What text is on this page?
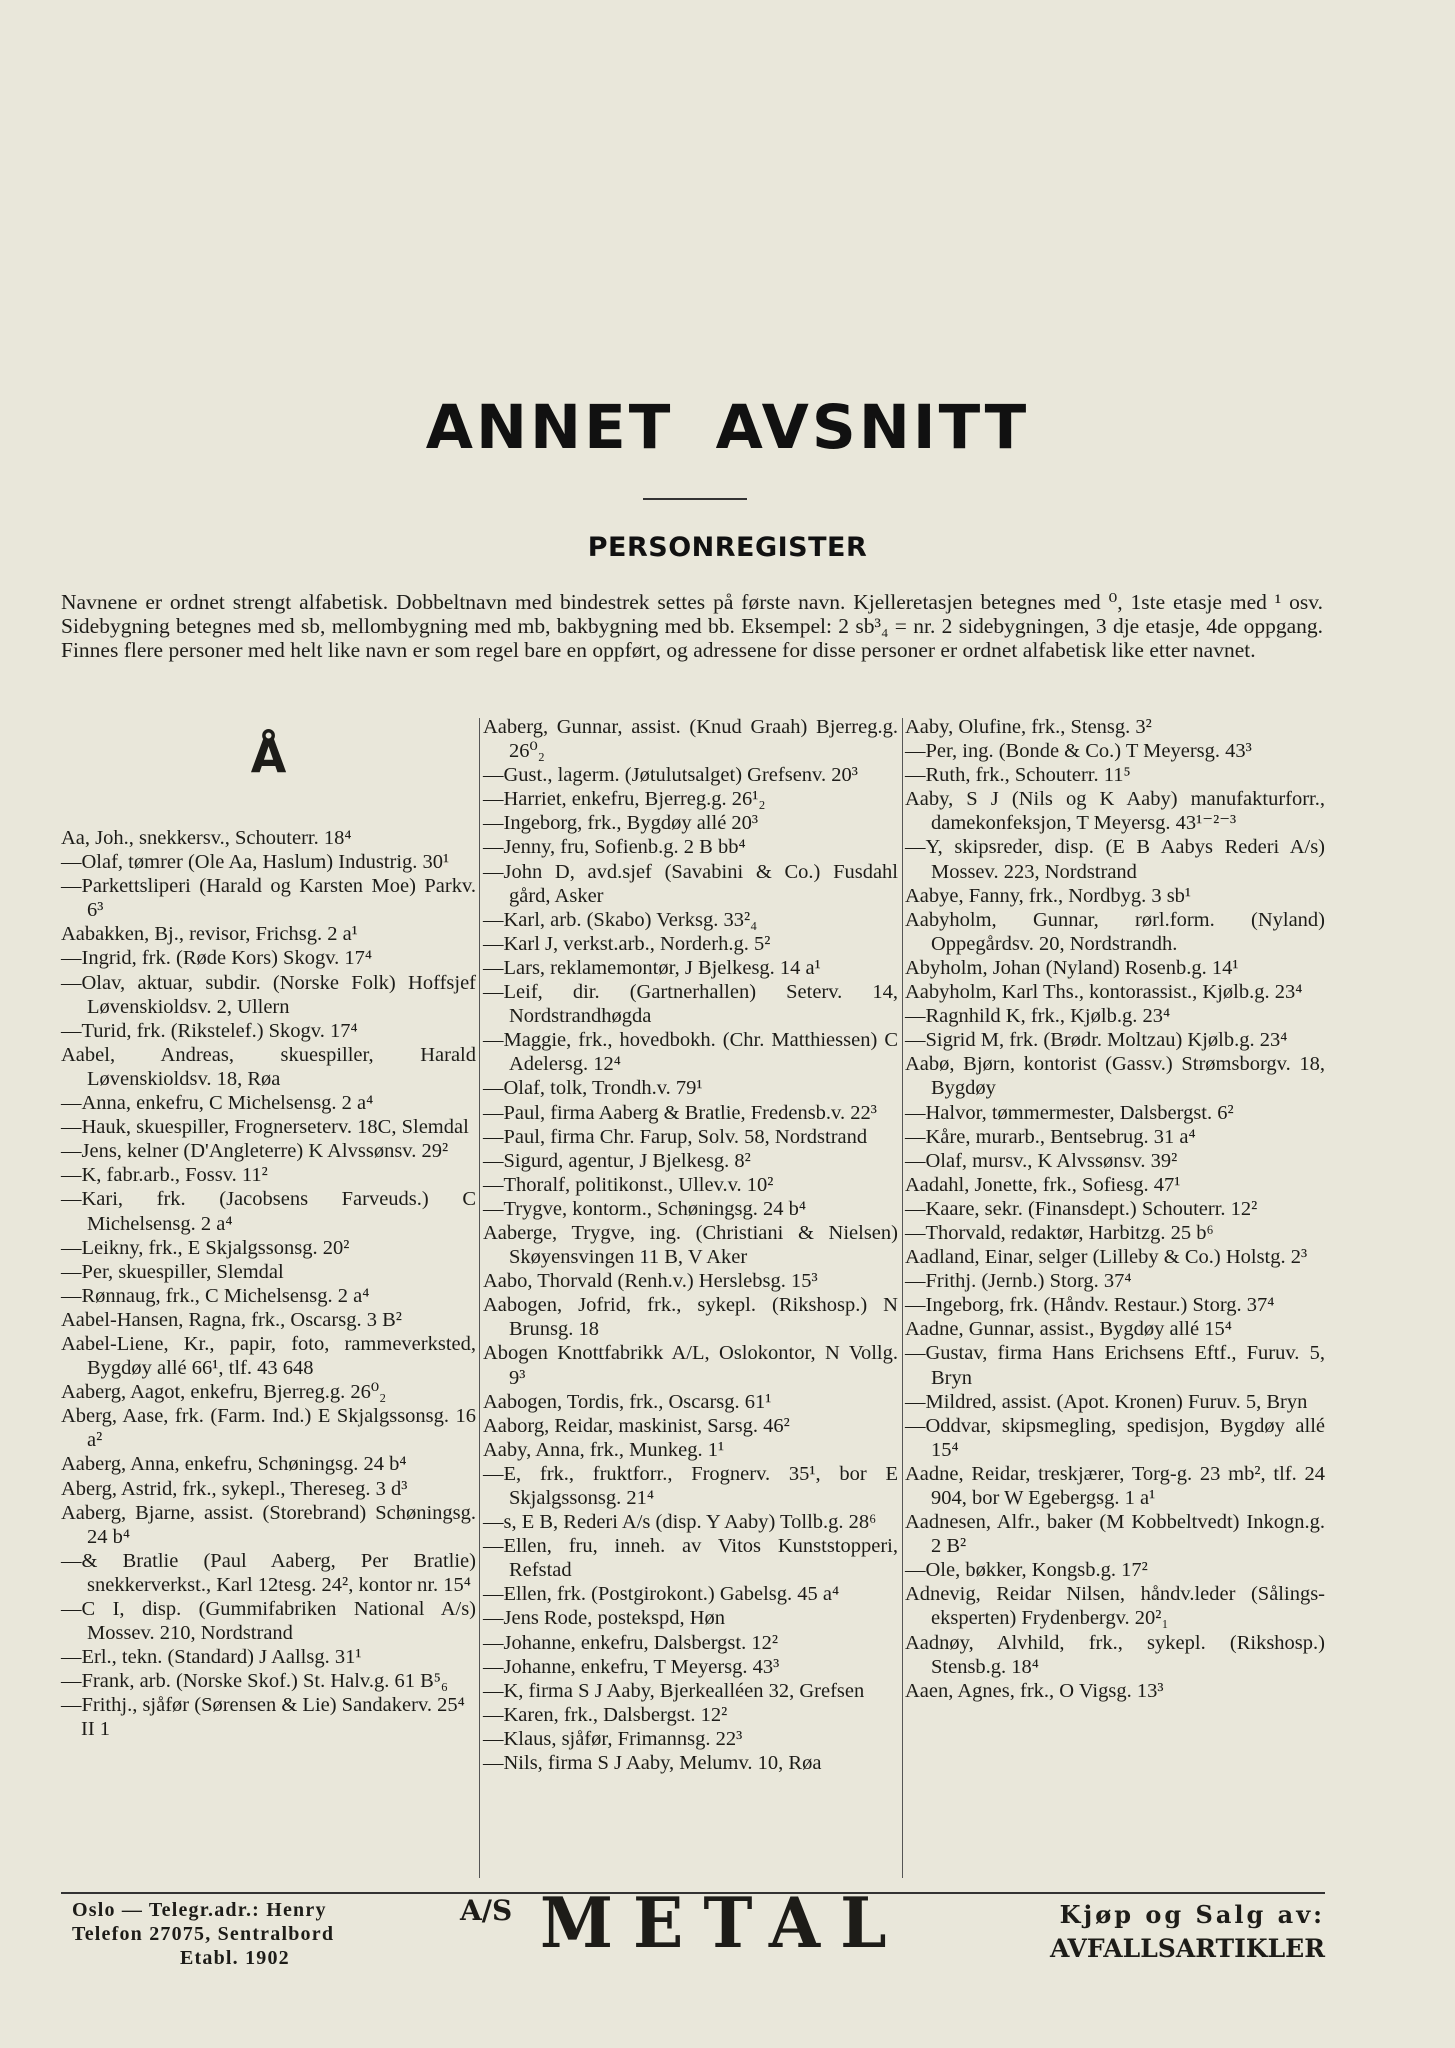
ANNET AVSNITT
PERSONREGISTER
Navnene er ordnet strengt alfabetisk. Dobbeltnavn med bindestrek settes på første navn. Kjelleretasjen betegnes med ⁰, 1ste etasje med ¹ osv. Sidebygning betegnes med sb, mellombygning med mb, bakbygning med bb. Eksempel: 2 sb³₄ = nr. 2 sidebygningen, 3 dje etasje, 4de oppgang. Finnes flere personer med helt like navn er som regel bare en oppført, og adressene for disse personer er ordnet alfabetisk like etter navnet.
Å
Aa, Joh., snekkersv., Schouterr. 18⁴
—Olaf, tømrer (Ole Aa, Haslum) Industrig. 30¹
—Parkettsliperi (Harald og Karsten Moe) Parkv. 6³
Aabakken, Bj., revisor, Frichsg. 2 a¹
—Ingrid, frk. (Røde Kors) Skogv. 17⁴
—Olav, aktuar, subdir. (Norske Folk) Hoffsjef Løvenskioldsv. 2, Ullern
—Turid, frk. (Rikstelef.) Skogv. 17⁴
Aabel, Andreas, skuespiller, Harald Løvenskioldsv. 18, Røa
—Anna, enkefru, C Michelsensg. 2 a⁴
—Hauk, skuespiller, Frognerseterv. 18C, Slemdal
—Jens, kelner (D'Angleterre) K Alvssønsv. 29²
—K, fabr.arb., Fossv. 11²
—Kari, frk. (Jacobsens Farveuds.) C Michelsensg. 2 a⁴
—Leikny, frk., E Skjalgssonsg. 20²
—Per, skuespiller, Slemdal
—Rønnaug, frk., C Michelsensg. 2 a⁴
Aabel-Hansen, Ragna, frk., Oscarsg. 3 B²
Aabel-Liene, Kr., papir, foto, rammeverksted, Bygdøy allé 66¹, tlf. 43 648
Aaberg, Aagot, enkefru, Bjerreg.g. 26⁰₂
Aberg, Aase, frk. (Farm. Ind.) E Skjalgssonsg. 16 a²
Aaberg, Anna, enkefru, Schøningsg. 24 b⁴
Aberg, Astrid, frk., sykepl., Thereseg. 3 d³
Aaberg, Bjarne, assist. (Storebrand) Schøningsg. 24 b⁴
—& Bratlie (Paul Aaberg, Per Bratlie) snekkerverkst., Karl 12tesg. 24², kontor nr. 15⁴
—C I, disp. (Gummifabriken National A/s) Mossev. 210, Nordstrand
—Erl., tekn. (Standard) J Aallsg. 31¹
—Frank, arb. (Norske Skof.) St. Halv.g. 61 B⁵₆
—Frithj., sjåfør (Sørensen & Lie) Sandakerv. 25⁴
II 1
Aaberg, Gunnar, assist. (Knud Graah) Bjerreg.g. 26⁰₂
—Gust., lagerm. (Jøtulutsalget) Grefsenv. 20³
—Harriet, enkefru, Bjerreg.g. 26¹₂
—Ingeborg, frk., Bygdøy allé 20³
—Jenny, fru, Sofienb.g. 2 B bb⁴
—John D, avd.sjef (Savabini & Co.) Fusdahl gård, Asker
—Karl, arb. (Skabo) Verksg. 33²₄
—Karl J, verkst.arb., Norderh.g. 5²
—Lars, reklamemontør, J Bjelkesg. 14 a¹
—Leif, dir. (Gartnerhallen) Seterv. 14, Nordstrandhøgda
—Maggie, frk., hovedbokh. (Chr. Matthiessen) C Adelersg. 12⁴
—Olaf, tolk, Trondh.v. 79¹
—Paul, firma Aaberg & Bratlie, Fredensb.v. 22³
—Paul, firma Chr. Farup, Solv. 58, Nordstrand
—Sigurd, agentur, J Bjelkesg. 8²
—Thoralf, politikonst., Ullev.v. 10²
—Trygve, kontorm., Schøningsg. 24 b⁴
Aaberge, Trygve, ing. (Christiani & Nielsen) Skøyensvingen 11 B, V Aker
Aabo, Thorvald (Renh.v.) Herslebsg. 15³
Aabogen, Jofrid, frk., sykepl. (Rikshosp.) N Brunsg. 18
Abogen Knottfabrikk A/L, Oslokontor, N Vollg. 9³
Aabogen, Tordis, frk., Oscarsg. 61¹
Aaborg, Reidar, maskinist, Sarsg. 46²
Aaby, Anna, frk., Munkeg. 1¹
—E, frk., fruktforr., Frognerv. 35¹, bor E Skjalgssonsg. 21⁴
—s, E B, Rederi A/s (disp. Y Aaby) Tollb.g. 28⁶
—Ellen, fru, inneh. av Vitos Kunststopperi, Refstad
—Ellen, frk. (Postgirokont.) Gabelsg. 45 a⁴
—Jens Rode, postekspd, Høn
—Johanne, enkefru, Dalsbergst. 12²
—Johanne, enkefru, T Meyersg. 43³
—K, firma S J Aaby, Bjerkealléen 32, Grefsen
—Karen, frk., Dalsbergst. 12²
—Klaus, sjåfør, Frimannsg. 22³
—Nils, firma S J Aaby, Melumv. 10, Røa
Aaby, Olufine, frk., Stensg. 3²
—Per, ing. (Bonde & Co.) T Meyersg. 43³
—Ruth, frk., Schouterr. 11⁵
Aaby, S J (Nils og K Aaby) manufakturforr., damekonfeksjon, T Meyersg. 43¹⁻²⁻³
—Y, skipsreder, disp. (E B Aabys Rederi A/s) Mossev. 223, Nordstrand
Aabye, Fanny, frk., Nordbyg. 3 sb¹
Aabyholm, Gunnar, rørl.form. (Nyland) Oppegårdsv. 20, Nordstrandh.
Abyholm, Johan (Nyland) Rosenb.g. 14¹
Aabyholm, Karl Ths., kontorassist., Kjølb.g. 23⁴
—Ragnhild K, frk., Kjølb.g. 23⁴
—Sigrid M, frk. (Brødr. Moltzau) Kjølb.g. 23⁴
Aabø, Bjørn, kontorist (Gassv.) Strømsborgv. 18, Bygdøy
—Halvor, tømmermester, Dalsbergst. 6²
—Kåre, murarb., Bentsebrug. 31 a⁴
—Olaf, mursv., K Alvssønsv. 39²
Aadahl, Jonette, frk., Sofiesg. 47¹
—Kaare, sekr. (Finansdept.) Schouterr. 12²
—Thorvald, redaktør, Harbitzg. 25 b⁶
Aadland, Einar, selger (Lilleby & Co.) Holstg. 2³
—Frithj. (Jernb.) Storg. 37⁴
—Ingeborg, frk. (Håndv. Restaur.) Storg. 37⁴
Aadne, Gunnar, assist., Bygdøy allé 15⁴
—Gustav, firma Hans Erichsens Eftf., Furuv. 5, Bryn
—Mildred, assist. (Apot. Kronen) Furuv. 5, Bryn
—Oddvar, skipsmegling, spedisjon, Bygdøy allé 15⁴
Aadne, Reidar, treskjærer, Torg-g. 23 mb², tlf. 24 904, bor W Egebergsg. 1 a¹
Aadnesen, Alfr., baker (M Kobbeltvedt) Inkogn.g. 2 B²
—Ole, bøkker, Kongsb.g. 17²
Adnevig, Reidar Nilsen, håndv.leder (Sålings-eksperten) Frydenbergv. 20²₁
Aadnøy, Alvhild, frk., sykepl. (Rikshosp.) Stensb.g. 18⁴
Aaen, Agnes, frk., O Vigsg. 13³
Oslo — Telegr.adr.: Henry
Telefon 27075, Sentralbord
Etabl. 1902
A/S METAL	Kjøp og Salg av:
AVFALLSARTIKLER
